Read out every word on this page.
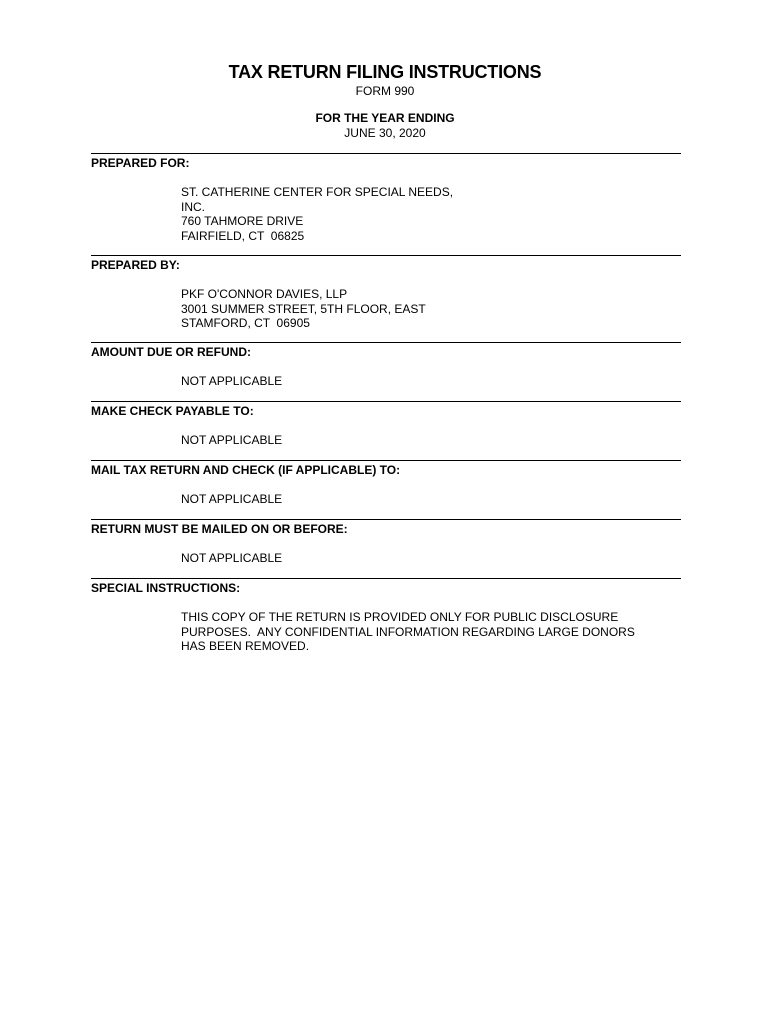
TAX RETURN FILING INSTRUCTIONS
FORM 990
FOR THE YEAR ENDING
JUNE 30, 2020
PREPARED FOR:
ST. CATHERINE CENTER FOR SPECIAL NEEDS,
INC.
760 TAHMORE DRIVE
FAIRFIELD, CT  06825
PREPARED BY:
PKF O'CONNOR DAVIES, LLP
3001 SUMMER STREET, 5TH FLOOR, EAST
STAMFORD, CT  06905
AMOUNT DUE OR REFUND:
NOT APPLICABLE
MAKE CHECK PAYABLE TO:
NOT APPLICABLE
MAIL TAX RETURN AND CHECK (IF APPLICABLE) TO:
NOT APPLICABLE
RETURN MUST BE MAILED ON OR BEFORE:
NOT APPLICABLE
SPECIAL INSTRUCTIONS:
THIS COPY OF THE RETURN IS PROVIDED ONLY FOR PUBLIC DISCLOSURE
PURPOSES.  ANY CONFIDENTIAL INFORMATION REGARDING LARGE DONORS
HAS BEEN REMOVED.
